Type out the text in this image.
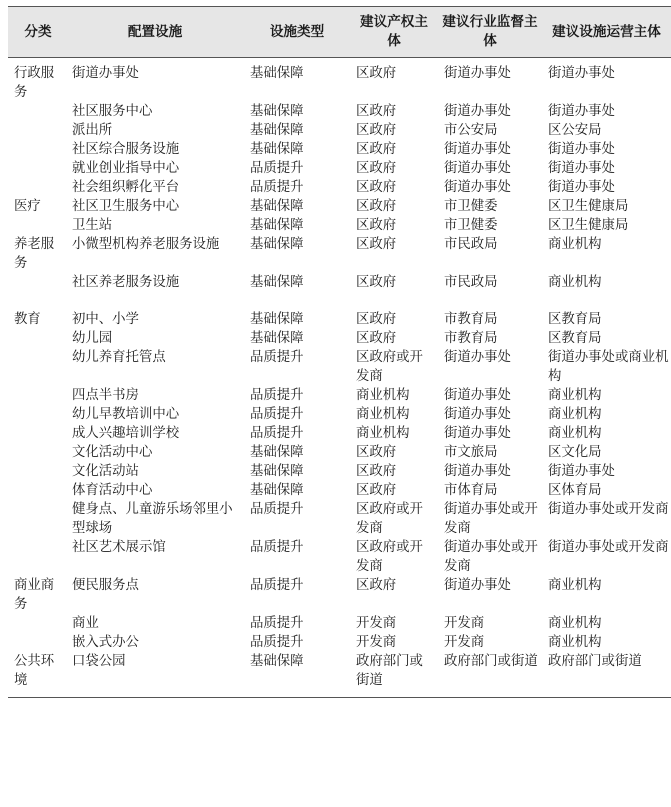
分类	配置设施	设施类型	建议产权主体	建议行业监督主体	建议设施运营主体

行政服务	街道办事处	基础保障	区政府	街道办事处	街道办事处

	社区服务中心	基础保障	区政府	街道办事处	街道办事处

	派出所	基础保障	区政府	市公安局	区公安局

	社区综合服务设施	基础保障	区政府	街道办事处	街道办事处

	就业创业指导中心	品质提升	区政府	街道办事处	街道办事处

	社会组织孵化平台	品质提升	区政府	街道办事处	街道办事处

医疗	社区卫生服务中心	基础保障	区政府	市卫健委	区卫生健康局

	卫生站	基础保障	区政府	市卫健委	区卫生健康局

养老服务	小微型机构养老服务设施	基础保障	区政府	市民政局	商业机构

	社区养老服务设施	基础保障	区政府	市民政局	商业机构

教育	初中、小学	基础保障	区政府	市教育局	区教育局

	幼儿园	基础保障	区政府	市教育局	区教育局

	幼儿养育托管点	品质提升	区政府或开发商	街道办事处	街道办事处或商业机构

	四点半书房	品质提升	商业机构	街道办事处	商业机构

	幼儿早教培训中心	品质提升	商业机构	街道办事处	商业机构

	成人兴趣培训学校	品质提升	商业机构	街道办事处	商业机构

	文化活动中心	基础保障	区政府	市文旅局	区文化局

	文化活动站	基础保障	区政府	街道办事处	街道办事处

	体育活动中心	基础保障	区政府	市体育局	区体育局

	健身点、儿童游乐场邻里小型球场	品质提升	区政府或开发商	街道办事处或开发商	街道办事处或开发商

	社区艺术展示馆	品质提升	区政府或开发商	街道办事处或开发商	街道办事处或开发商

商业商务	便民服务点	品质提升	区政府	街道办事处	商业机构

	商业	品质提升	开发商	开发商	商业机构

	嵌入式办公	品质提升	开发商	开发商	商业机构

公共环境	口袋公园	基础保障	政府部门或街道	政府部门或街道	政府部门或街道
